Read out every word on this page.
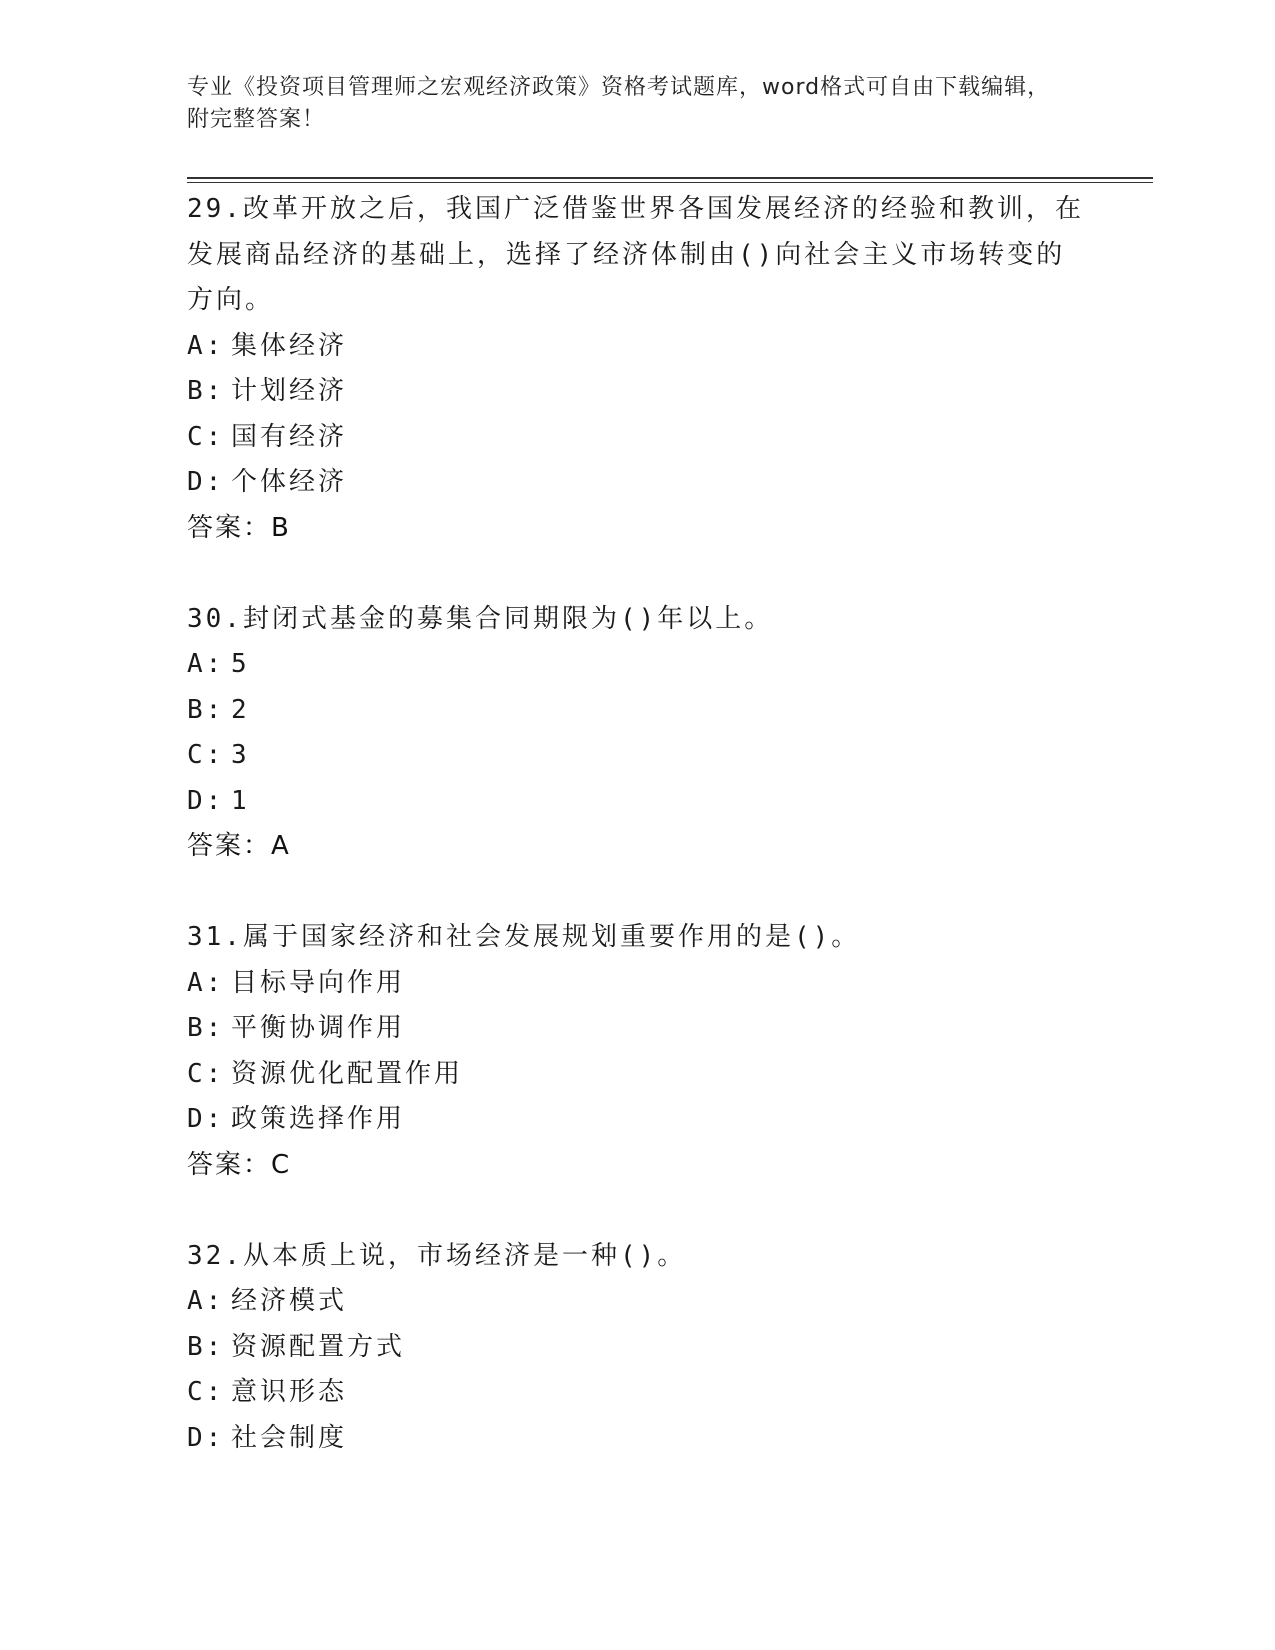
专业《投资项目管理师之宏观经济政策》资格考试题库，word格式可自由下载编辑，附完整答案！
29.改革开放之后，我国广泛借鉴世界各国发展经济的经验和教训，在发展商品经济的基础上，选择了经济体制由()向社会主义市场转变的方向。
A: 集体经济
B: 计划经济
C: 国有经济
D: 个体经济
答案：B
30.封闭式基金的募集合同期限为()年以上。
A: 5
B: 2
C: 3
D: 1
答案：A
31.属于国家经济和社会发展规划重要作用的是()。
A: 目标导向作用
B: 平衡协调作用
C: 资源优化配置作用
D: 政策选择作用
答案：C
32.从本质上说，市场经济是一种()。
A: 经济模式
B: 资源配置方式
C: 意识形态
D: 社会制度
